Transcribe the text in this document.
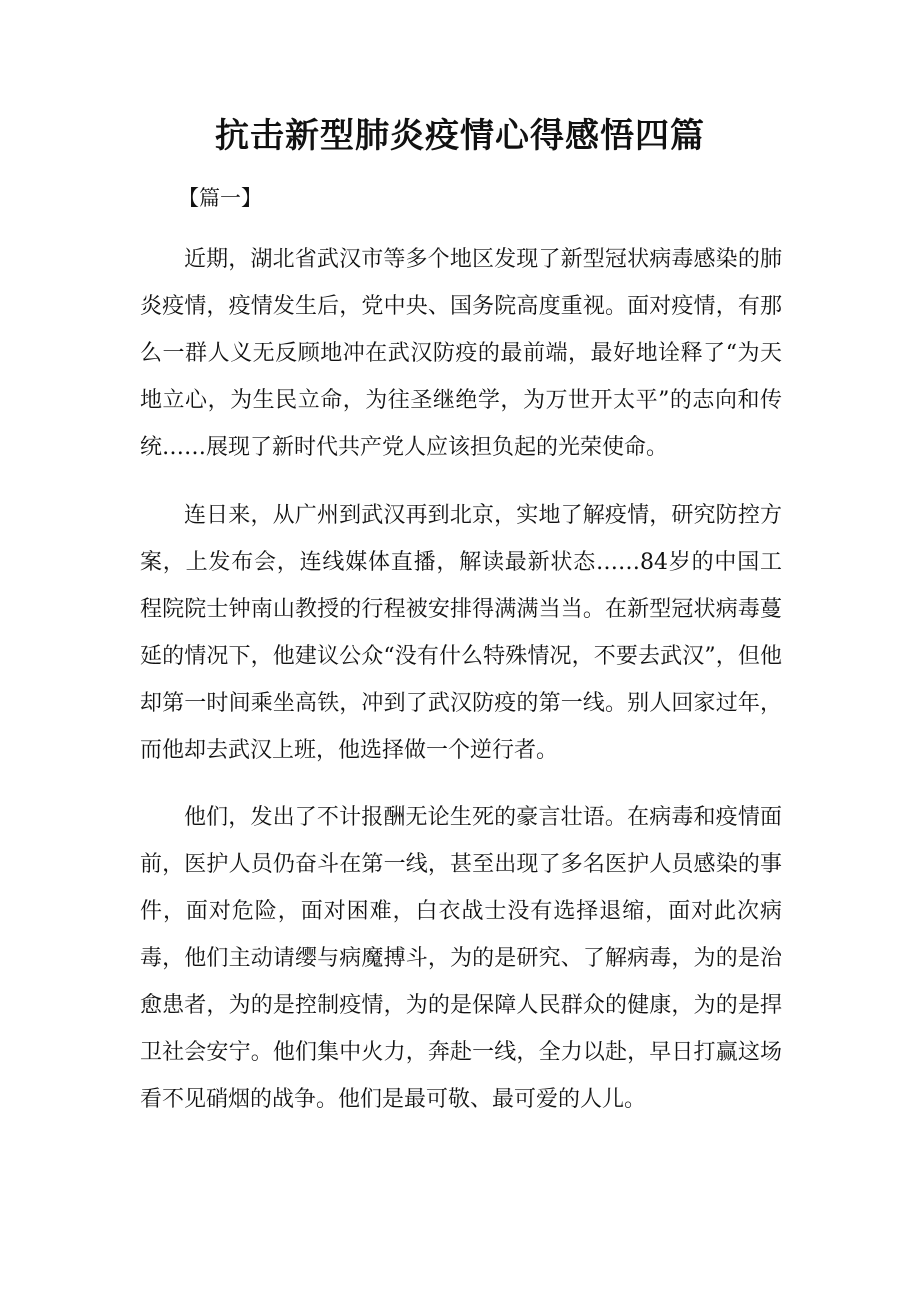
抗击新型肺炎疫情心得感悟四篇
【篇一】

近期，湖北省武汉市等多个地区发现了新型冠状病毒感染的肺炎疫情，疫情发生后，党中央、国务院高度重视。面对疫情，有那么一群人义无反顾地冲在武汉防疫的最前端，最好地诠释了“为天地立心，为生民立命，为往圣继绝学，为万世开太平”的志向和传统……展现了新时代共产党人应该担负起的光荣使命。

连日来，从广州到武汉再到北京，实地了解疫情，研究防控方案，上发布会，连线媒体直播，解读最新状态……84岁的中国工程院院士钟南山教授的行程被安排得满满当当。在新型冠状病毒蔓延的情况下，他建议公众“没有什么特殊情况，不要去武汉”，但他却第一时间乘坐高铁，冲到了武汉防疫的第一线。别人回家过年，而他却去武汉上班，他选择做一个逆行者。

他们，发出了不计报酬无论生死的豪言壮语。在病毒和疫情面前，医护人员仍奋斗在第一线，甚至出现了多名医护人员感染的事件，面对危险，面对困难，白衣战士没有选择退缩，面对此次病毒，他们主动请缨与病魔搏斗，为的是研究、了解病毒，为的是治愈患者，为的是控制疫情，为的是保障人民群众的健康，为的是捍卫社会安宁。他们集中火力，奔赴一线，全力以赴，早日打赢这场看不见硝烟的战争。他们是最可敬、最可爱的人儿。
